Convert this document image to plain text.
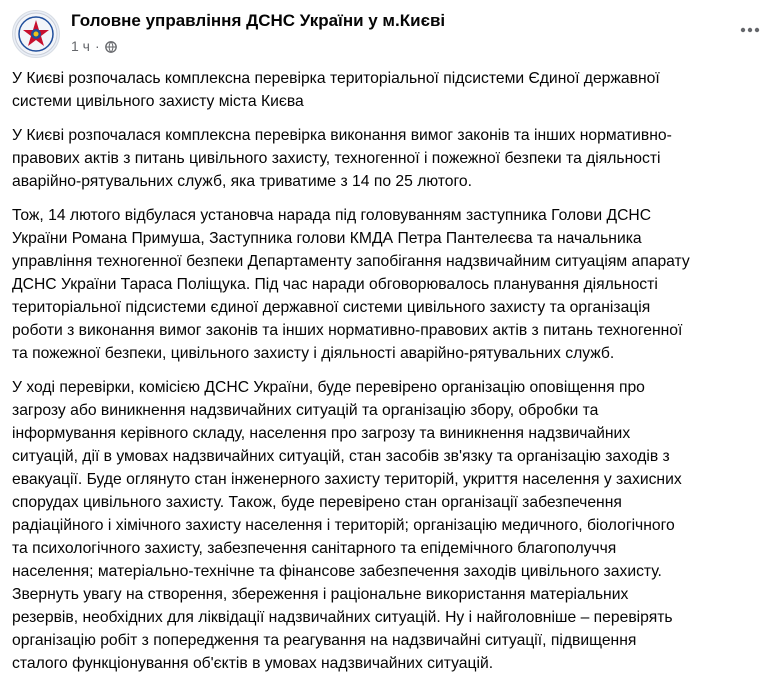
Головне управління ДСНС України у м.Києві
1 ч ·

У Києві розпочалась комплексна перевірка територіальної підсистеми Єдиної державної
системи цивільного захисту міста Києва

У Києві розпочалася комплексна перевірка виконання вимог законів та інших нормативно-
правових актів з питань цивільного захисту, техногенної і пожежної безпеки та діяльності
аварійно-рятувальних служб, яка триватиме з 14 по 25 лютого.

Тож, 14 лютого відбулася установча нарада під головуванням заступника Голови ДСНС
України Романа Примуша, Заступника голови КМДА Петра Пантелеєва та начальника
управління техногенної безпеки Департаменту запобігання надзвичайним ситуаціям апарату
ДСНС України Тараса Поліщука. Під час наради обговорювалось планування діяльності
територіальної підсистеми єдиної державної системи цивільного захисту та організація
роботи з виконання вимог законів та інших нормативно-правових актів з питань техногенної
та пожежної безпеки, цивільного захисту і діяльності аварійно-рятувальних служб.

У ході перевірки, комісією ДСНС України, буде перевірено організацію оповіщення про
загрозу або виникнення надзвичайних ситуацій та організацію збору, обробки та
інформування керівного складу, населення про загрозу та виникнення надзвичайних
ситуацій, дії в умовах надзвичайних ситуацій, стан засобів зв'язку та організацію заходів з
евакуації. Буде оглянуто стан інженерного захисту територій, укриття населення у захисних
спорудах цивільного захисту. Також, буде перевірено стан організації забезпечення
радіаційного і хімічного захисту населення і територій; організацію медичного, біологічного
та психологічного захисту, забезпечення санітарного та епідемічного благополуччя
населення; матеріально-технічне та фінансове забезпечення заходів цивільного захисту.
Звернуть увагу на створення, збереження і раціональне використання матеріальних
резервів, необхідних для ліквідації надзвичайних ситуацій. Ну і найголовніше – перевірять
організацію робіт з попередження та реагування на надзвичайні ситуації, підвищення
сталого функціонування об'єктів в умовах надзвичайних ситуацій.
